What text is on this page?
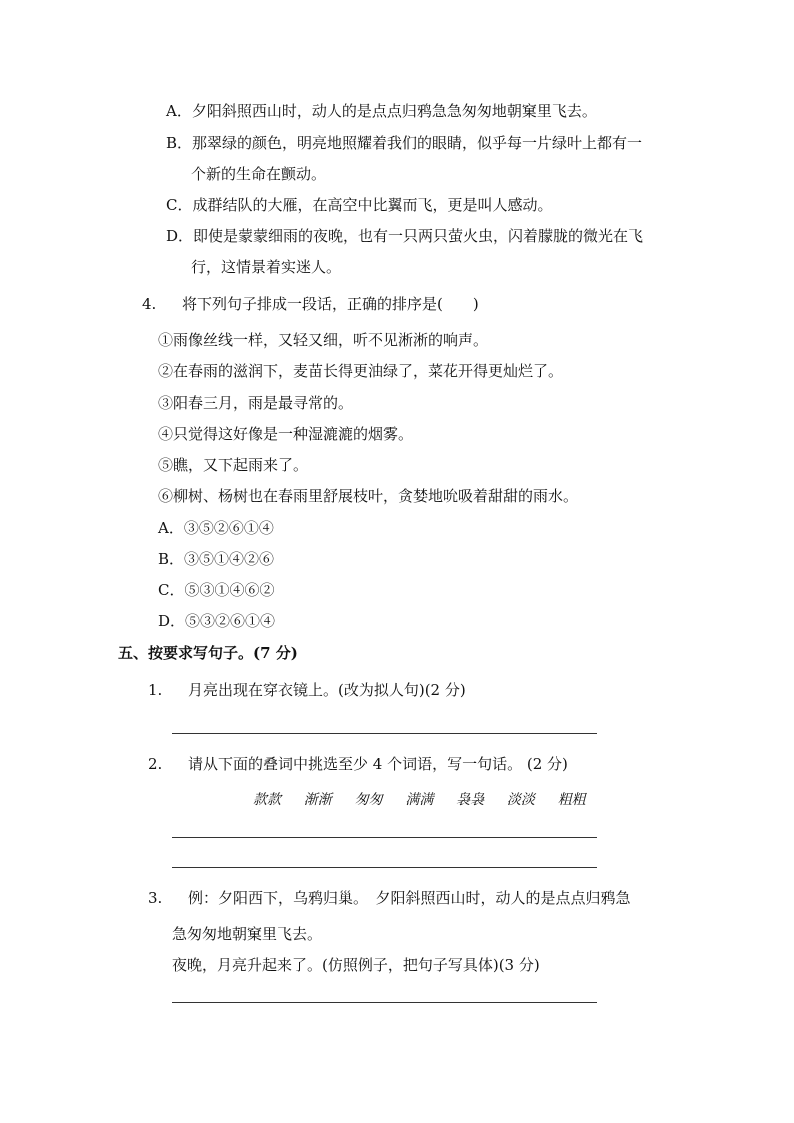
A．夕阳斜照西山时，动人的是点点归鸦急急匆匆地朝窠里飞去。
B．那翠绿的颜色，明亮地照耀着我们的眼睛，似乎每一片绿叶上都有一
个新的生命在颤动。
C．成群结队的大雁，在高空中比翼而飞，更是叫人感动。
D．即使是蒙蒙细雨的夜晚，也有一只两只萤火虫，闪着朦胧的微光在飞
行，这情景着实迷人。
4. 将下列句子排成一段话，正确的排序是(　　)
①雨像丝线一样，又轻又细，听不见淅淅的响声。
②在春雨的滋润下，麦苗长得更油绿了，菜花开得更灿烂了。
③阳春三月，雨是最寻常的。
④只觉得这好像是一种湿漉漉的烟雾。
⑤瞧，又下起雨来了。
⑥柳树、杨树也在春雨里舒展枝叶，贪婪地吮吸着甜甜的雨水。
A．③⑤②⑥①④
B．③⑤①④②⑥
C．⑤③①④⑥②
D．⑤③②⑥①④
五、按要求写句子。(7 分)
1. 月亮出现在穿衣镜上。(改为拟人句)(2 分)
2. 请从下面的叠词中挑选至少 4 个词语，写一句话。 (2 分)
款款 渐渐 匆匆 满满 袅袅 淡淡 粗粗
3. 例：夕阳西下，乌鸦归巢。　夕阳斜照西山时，动人的是点点归鸦急
急匆匆地朝窠里飞去。
夜晚，月亮升起来了。(仿照例子，把句子写具体)(3 分)
